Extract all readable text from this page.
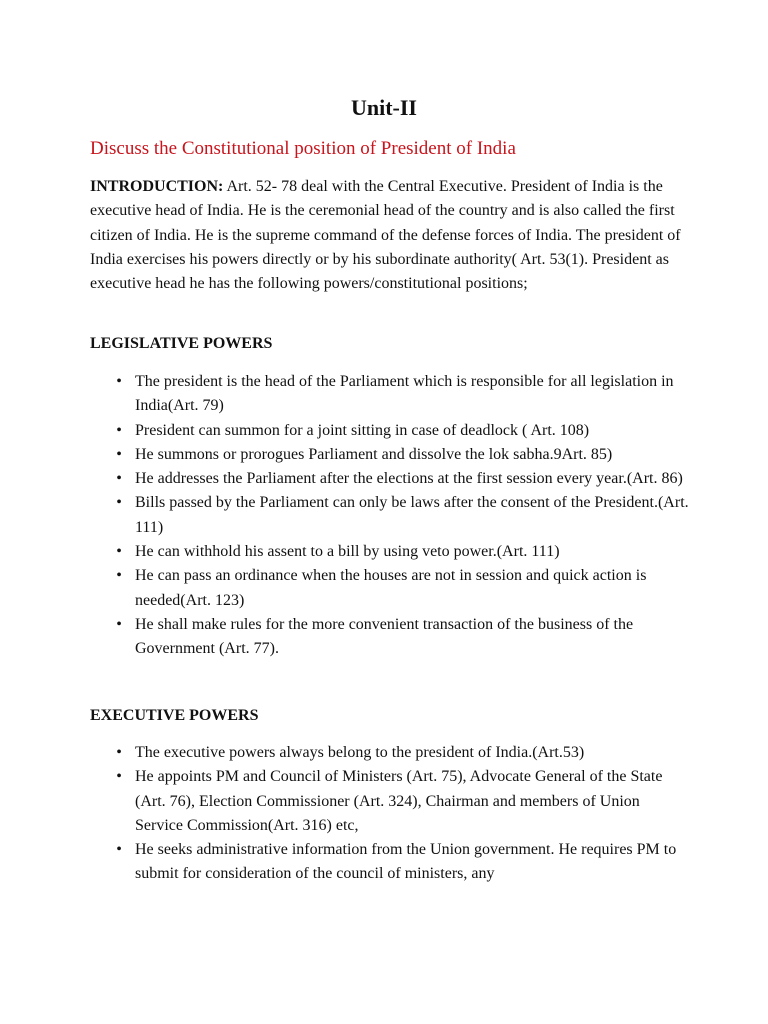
Unit-II
Discuss the Constitutional position of President of India

INTRODUCTION: Art. 52- 78 deal with the Central Executive. President of India is the executive head of India. He is the ceremonial head of the country and is also called the first citizen of India. He is the supreme command of the defense forces of India. The president of India exercises his powers directly or by his subordinate authority( Art. 53(1). President as executive head he has the following powers/constitutional positions;

LEGISLATIVE POWERS
• The president is the head of the Parliament which is responsible for all legislation in India(Art. 79)
• President can summon for a joint sitting in case of deadlock ( Art. 108)
• He summons or prorogues Parliament and dissolve the lok sabha.9Art. 85)
• He addresses the Parliament after the elections at the first session every year.(Art. 86)
• Bills passed by the Parliament can only be laws after the consent of the President.(Art. 111)
• He can withhold his assent to a bill by using veto power.(Art. 111)
• He can pass an ordinance when the houses are not in session and quick action is needed(Art. 123)
• He shall make rules for the more convenient transaction of the business of the Government (Art. 77).
EXECUTIVE POWERS
• The executive powers always belong to the president of India.(Art.53)
• He appoints PM and Council of Ministers (Art. 75), Advocate General of the State (Art. 76), Election Commissioner (Art. 324), Chairman and members of Union Service Commission(Art. 316) etc,
• He seeks administrative information from the Union government. He requires PM to submit for consideration of the council of ministers, any
